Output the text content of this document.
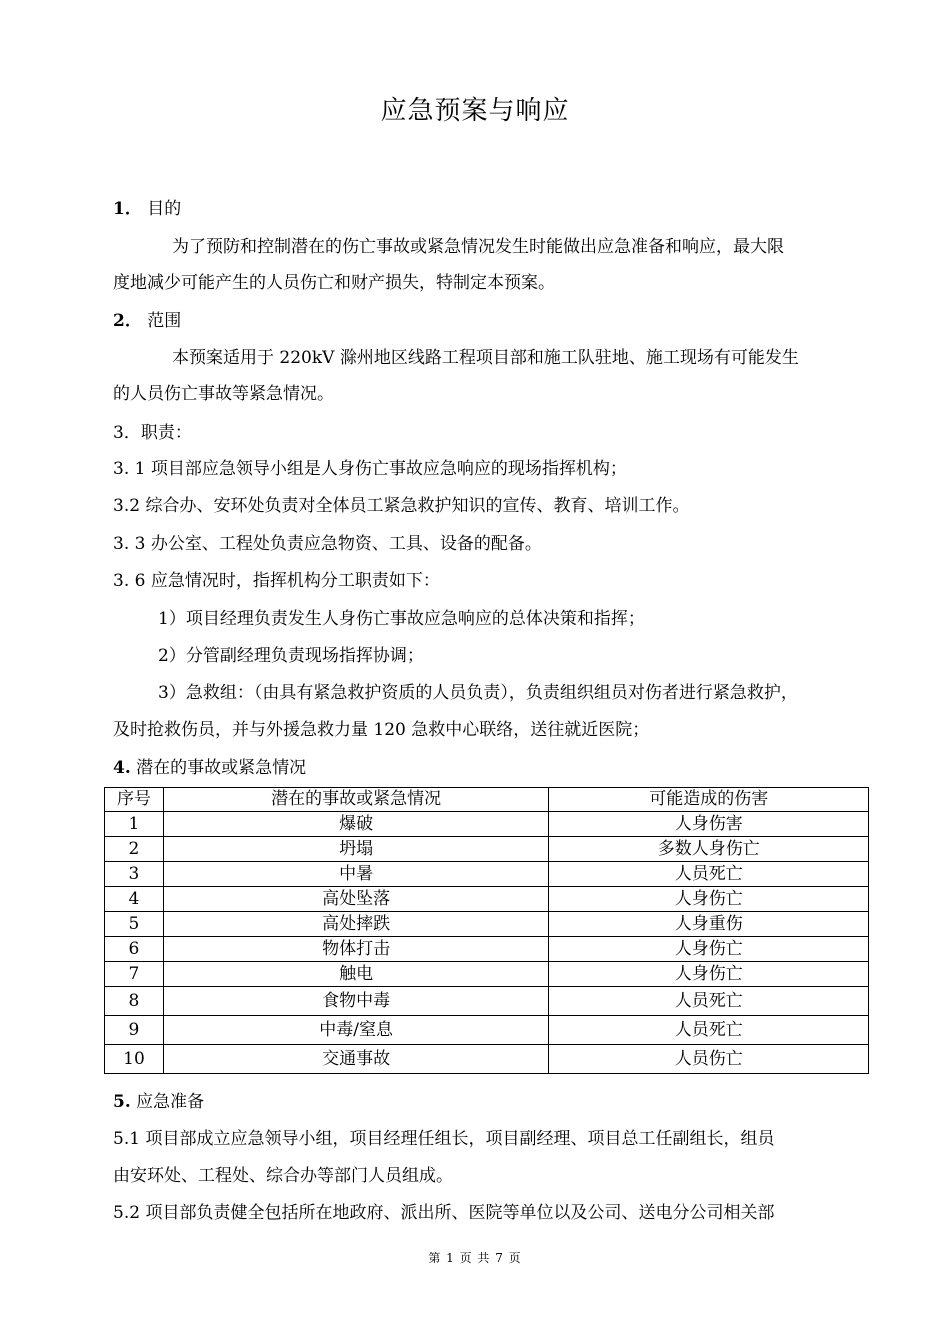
应急预案与响应
1． 目的
为了预防和控制潜在的伤亡事故或紧急情况发生时能做出应急准备和响应，最大限
度地减少可能产生的人员伤亡和财产损失，特制定本预案。
2． 范围
本预案适用于 220kV 滁州地区线路工程项目部和施工队驻地、施工现场有可能发生
的人员伤亡事故等紧急情况。
3．职责：
3. 1 项目部应急领导小组是人身伤亡事故应急响应的现场指挥机构；
3.2 综合办、安环处负责对全体员工紧急救护知识的宣传、教育、培训工作。
3. 3 办公室、工程处负责应急物资、工具、设备的配备。
3. 6 应急情况时，指挥机构分工职责如下：
1）项目经理负责发生人身伤亡事故应急响应的总体决策和指挥；
2）分管副经理负责现场指挥协调；
3）急救组：（由具有紧急救护资质的人员负责），负责组织组员对伤者进行紧急救护，
及时抢救伤员，并与外援急救力量 120 急救中心联络，送往就近医院；
4. 潜在的事故或紧急情况
序号	潜在的事故或紧急情况	可能造成的伤害
1	爆破	人身伤害
2	坍塌	多数人身伤亡
3	中暑	人员死亡
4	高处坠落	人身伤亡
5	高处摔跌	人身重伤
6	物体打击	人身伤亡
7	触电	人身伤亡
8	食物中毒	人员死亡
9	中毒/窒息	人员死亡
10	交通事故	人员伤亡
5. 应急准备
5.1 项目部成立应急领导小组，项目经理任组长，项目副经理、项目总工任副组长，组员
由安环处、工程处、综合办等部门人员组成。
5.2 项目部负责健全包括所在地政府、派出所、医院等单位以及公司、送电分公司相关部
第 1 页 共 7 页
